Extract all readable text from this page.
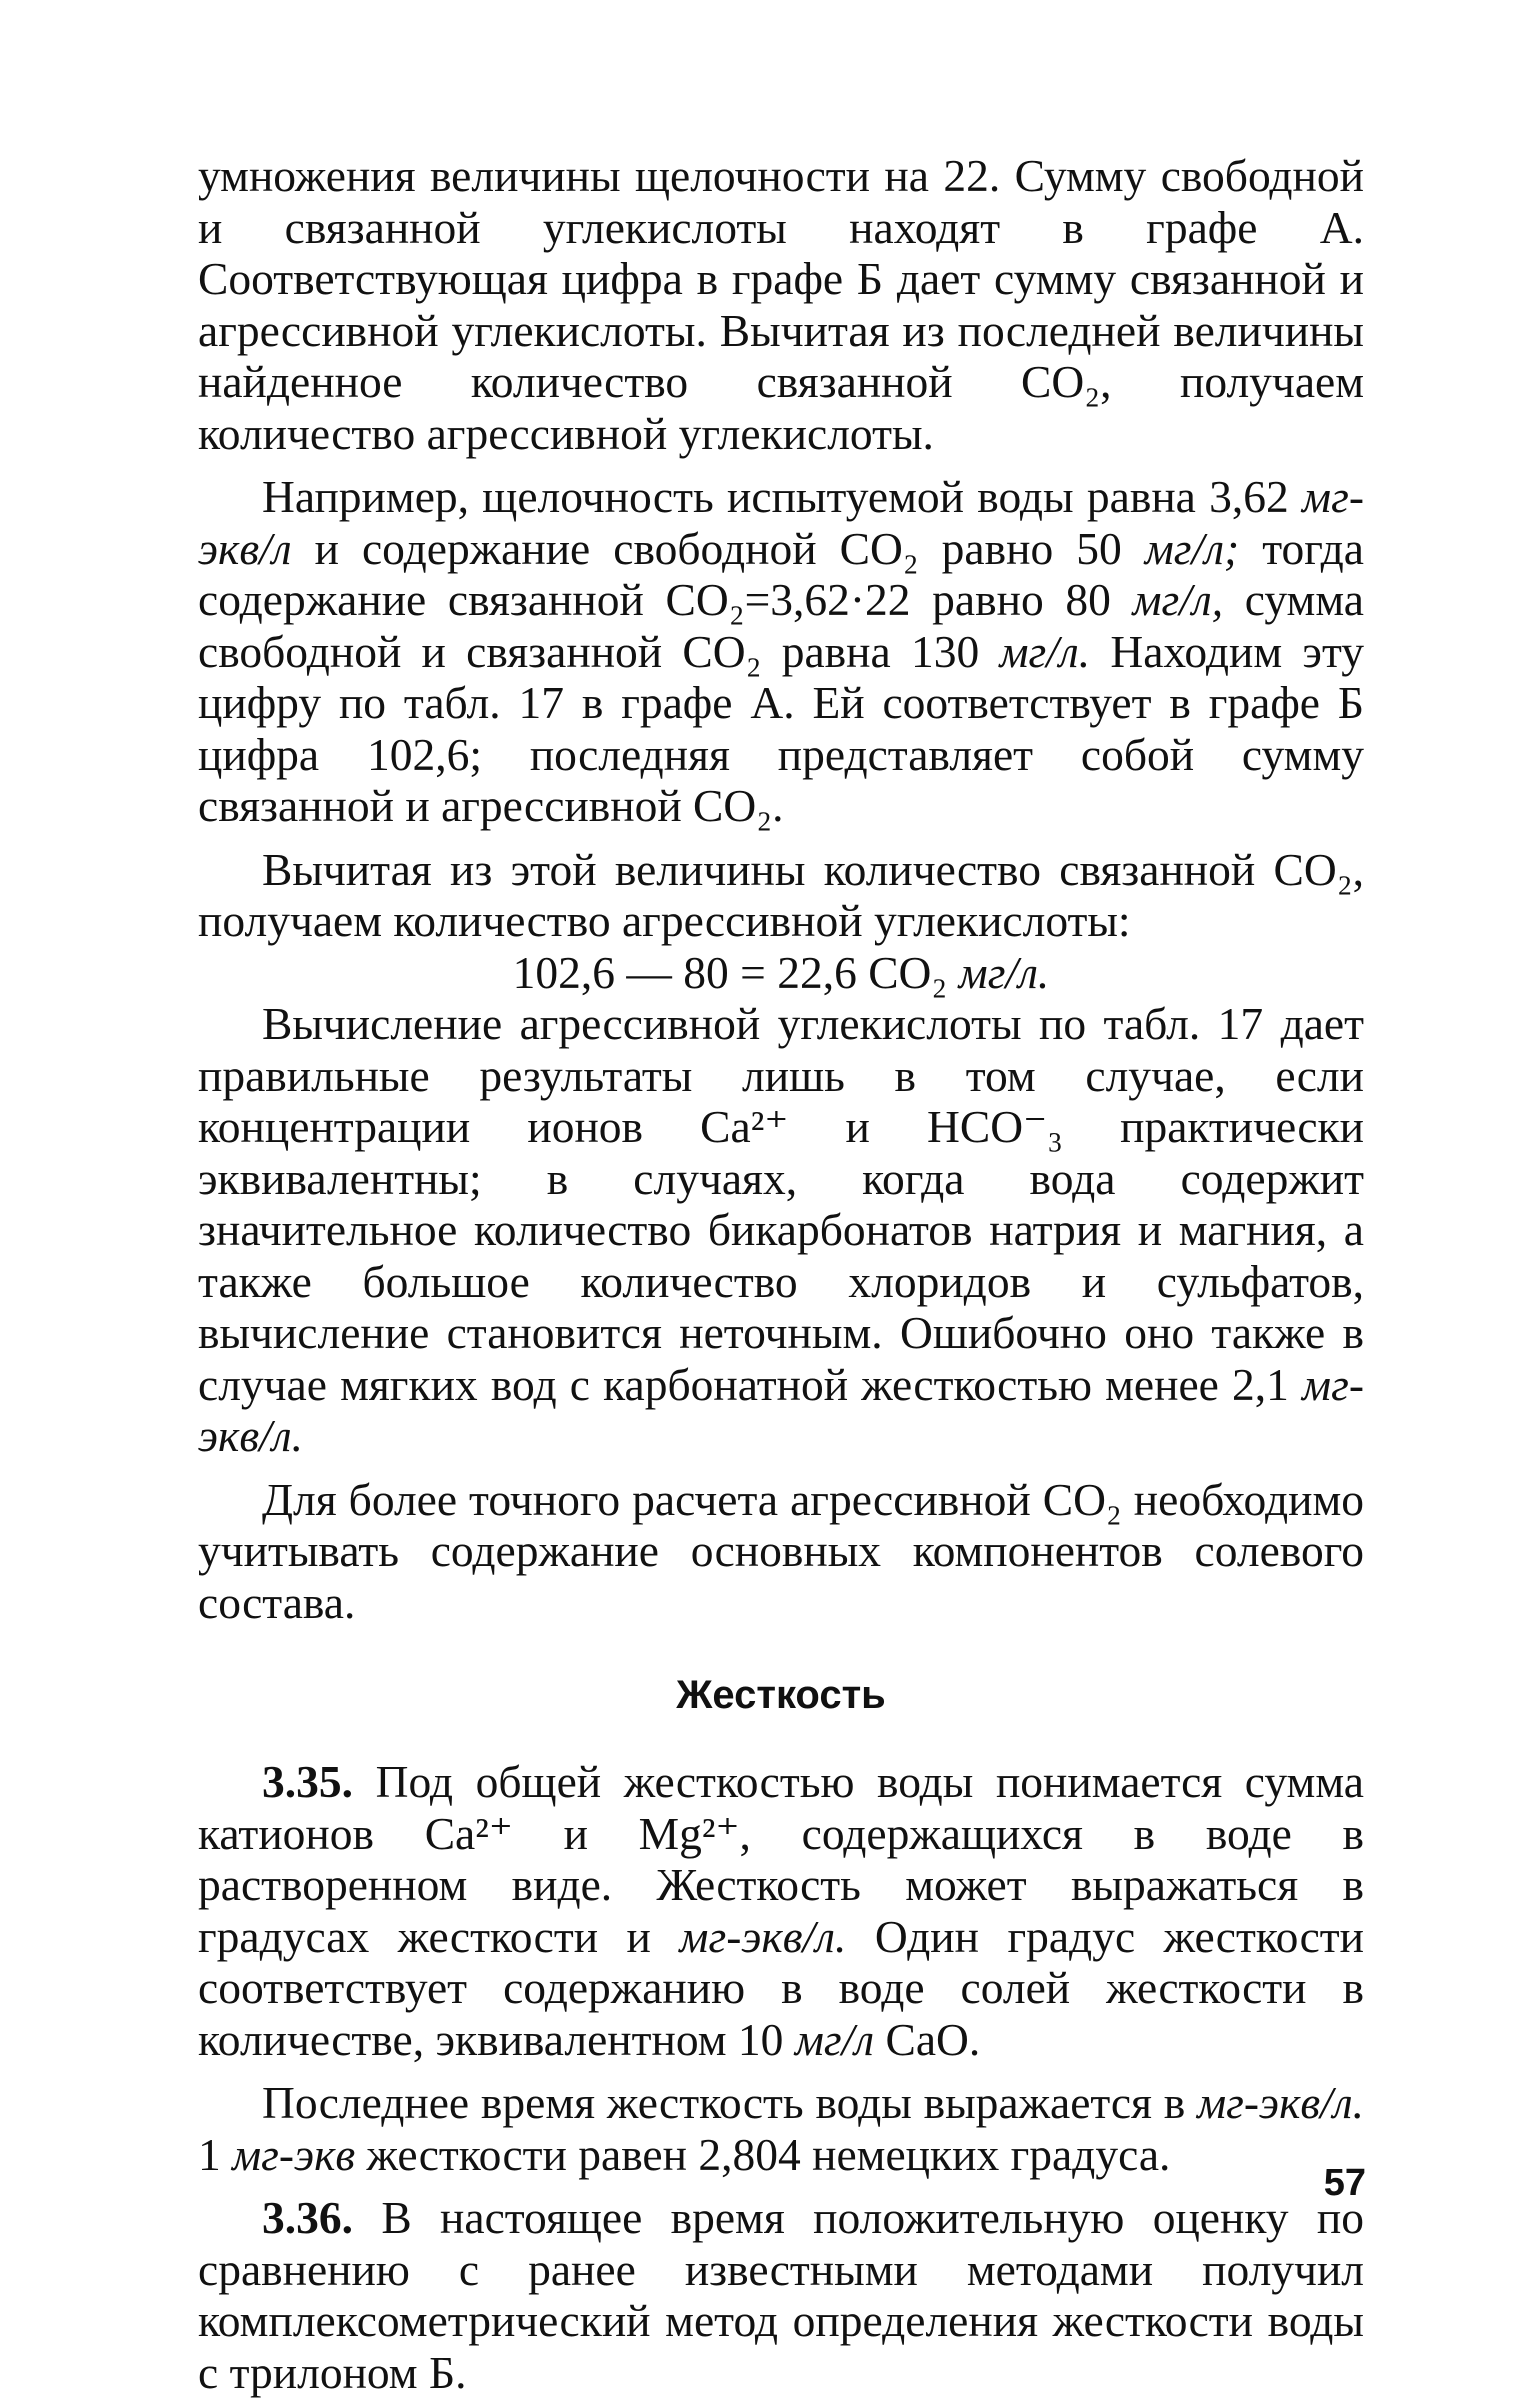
умножения величины щелочности на 22. Сумму свободной и связанной углекислоты находят в графе А. Соответствующая цифра в графе Б дает сумму связанной и агрессивной углекислоты. Вычитая из последней величины найденное количество связанной CO₂, получаем количество агрессивной углекислоты.

Например, щелочность испытуемой воды равна 3,62 мг-экв/л и содержание свободной CO₂ равно 50 мг/л; тогда содержание связанной CO₂=3,62·22 равно 80 мг/л, сумма свободной и связанной CO₂ равна 130 мг/л. Находим эту цифру по табл. 17 в графе А. Ей соответствует в графе Б цифра 102,6; последняя представляет собой сумму связанной и агрессивной CO₂.

Вычитая из этой величины количество связанной CO₂, получаем количество агрессивной углекислоты:

102,6 — 80 = 22,6 CO₂ мг/л.

Вычисление агрессивной углекислоты по табл. 17 дает правильные результаты лишь в том случае, если концентрации ионов Ca²⁺ и HCO⁻₃ практически эквивалентны; в случаях, когда вода содержит значительное количество бикарбонатов натрия и магния, а также большое количество хлоридов и сульфатов, вычисление становится неточным. Ошибочно оно также в случае мягких вод с карбонатной жесткостью менее 2,1 мг-экв/л.

Для более точного расчета агрессивной CO₂ необходимо учитывать содержание основных компонентов солевого состава.

Жесткость

3.35. Под общей жесткостью воды понимается сумма катионов Ca²⁺ и Mg²⁺, содержащихся в воде в растворенном виде. Жесткость может выражаться в градусах жесткости и мг-экв/л. Один градус жесткости соответствует содержанию в воде солей жесткости в количестве, эквивалентном 10 мг/л CaO.

Последнее время жесткость воды выражается в мг-экв/л. 1 мг-экв жесткости равен 2,804 немецких градуса.

3.36. В настоящее время положительную оценку по сравнению с ранее известными методами получил комплексометрический метод определения жесткости воды с трилоном Б.

57
